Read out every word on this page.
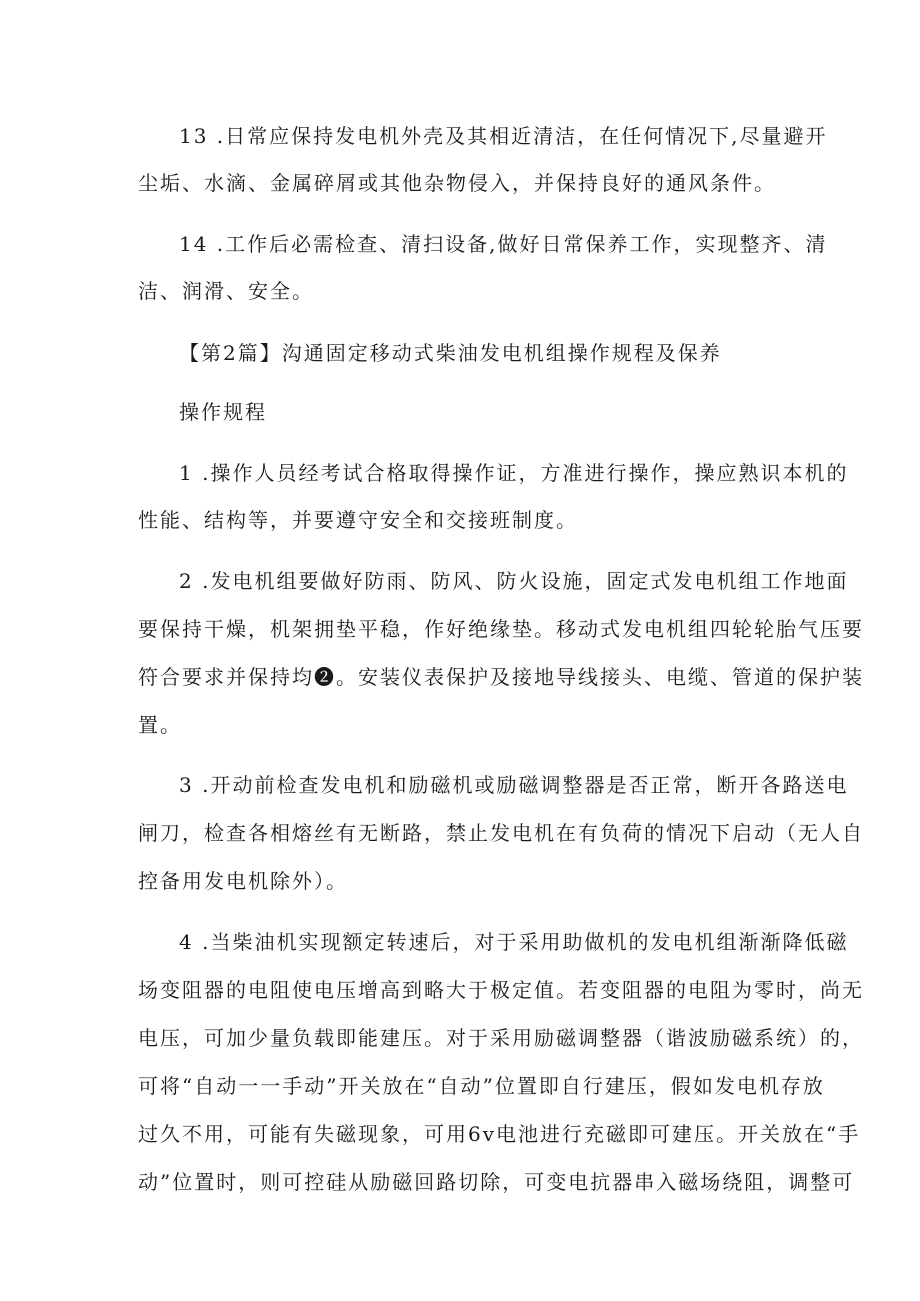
13 .日常应保持发电机外壳及其相近清洁，在任何情况下,尽量避开
尘垢、水滴、金属碎屑或其他杂物侵入，并保持良好的通风条件。
14 .工作后必需检查、清扫设备,做好日常保养工作，实现整齐、清
洁、润滑、安全。
【第2篇】沟通固定移动式柴油发电机组操作规程及保养
操作规程
1 .操作人员经考试合格取得操作证，方准进行操作，操应熟识本机的
性能、结构等，并要遵守安全和交接班制度。
2 .发电机组要做好防雨、防风、防火设施，固定式发电机组工作地面
要保持干燥，机架拥垫平稳，作好绝缘垫。移动式发电机组四轮轮胎气压要
符合要求并保持均❷。安装仪表保护及接地导线接头、电缆、管道的保护装
置。
3 .开动前检查发电机和励磁机或励磁调整器是否正常，断开各路送电
闸刀，检查各相熔丝有无断路，禁止发电机在有负荷的情况下启动（无人自
控备用发电机除外）。
4 .当柴油机实现额定转速后，对于采用助做机的发电机组渐渐降低磁
场变阻器的电阻使电压增高到略大于极定值。若变阻器的电阻为零时，尚无
电压，可加少量负载即能建压。对于采用励磁调整器（谐波励磁系统）的，
可将“自动一一手动”开关放在“自动”位置即自行建压，假如发电机存放
过久不用，可能有失磁现象，可用6v电池进行充磁即可建压。开关放在“手
动”位置时，则可控硅从励磁回路切除，可变电抗器串入磁场绕阻，调整可
